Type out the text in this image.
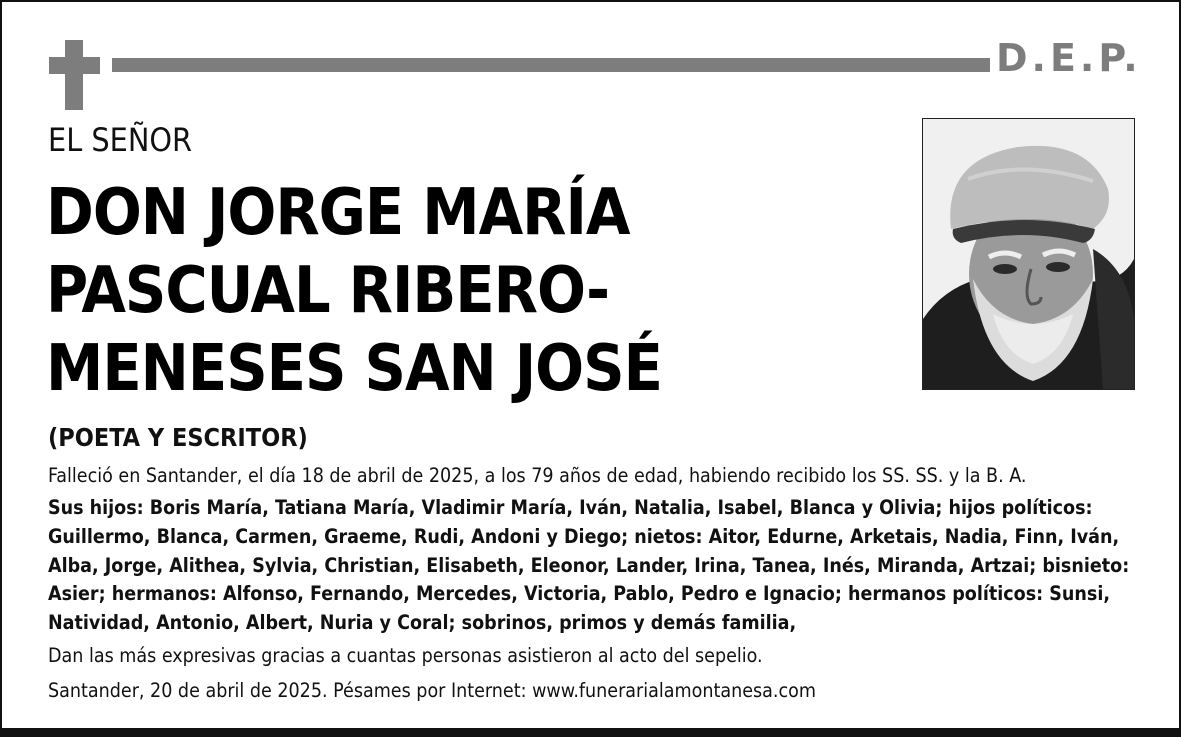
D.E.P.
EL SEÑOR
DON JORGE MARÍA
PASCUAL RIBERO-
MENESES SAN JOSÉ
(POETA Y ESCRITOR)
Falleció en Santander, el día 18 de abril de 2025, a los 79 años de edad, habiendo recibido los SS. SS. y la B. A.
Sus hijos: Boris María, Tatiana María, Vladimir María, Iván, Natalia, Isabel, Blanca y Olivia; hijos políticos: Guillermo, Blanca, Carmen, Graeme, Rudi, Andoni y Diego; nietos: Aitor, Edurne, Arketais, Nadia, Finn, Iván, Alba, Jorge, Alithea, Sylvia, Christian, Elisabeth, Eleonor, Lander, Irina, Tanea, Inés, Miranda, Artzai; bisnieto: Asier; hermanos: Alfonso, Fernando, Mercedes, Victoria, Pablo, Pedro e Ignacio; hermanos políticos: Sunsi, Natividad, Antonio, Albert, Nuria y Coral; sobrinos, primos y demás familia,
Dan las más expresivas gracias a cuantas personas asistieron al acto del sepelio.
Santander, 20 de abril de 2025. Pésames por Internet: www.funerarialamontanesa.com
